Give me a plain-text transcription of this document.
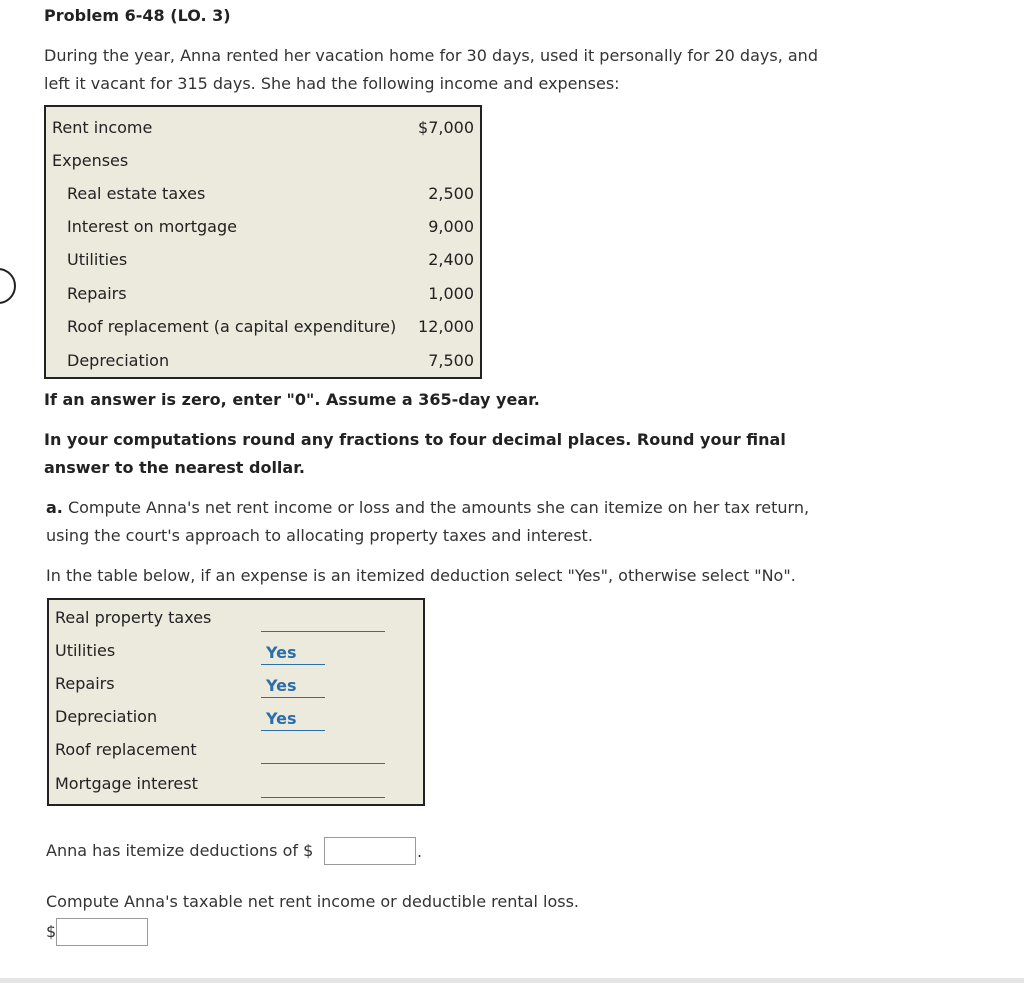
Problem 6-48 (LO. 3)
During the year, Anna rented her vacation home for 30 days, used it personally for 20 days, and left it vacant for 315 days. She had the following income and expenses:
Rent income	$7,000
Expenses
Real estate taxes	2,500
Interest on mortgage	9,000
Utilities	2,400
Repairs	1,000
Roof replacement (a capital expenditure) 12,000
Depreciation	7,500
If an answer is zero, enter "0". Assume a 365-day year.
In your computations round any fractions to four decimal places. Round your final answer to the nearest dollar.
a. Compute Anna's net rent income or loss and the amounts she can itemize on her tax return, using the court's approach to allocating property taxes and interest.
In the table below, if an expense is an itemized deduction select "Yes", otherwise select "No".
Real property taxes
Utilities	Yes
Repairs	Yes
Depreciation	Yes
Roof replacement
Mortgage interest
Anna has itemize deductions of $	.
Compute Anna's taxable net rent income or deductible rental loss.
$
